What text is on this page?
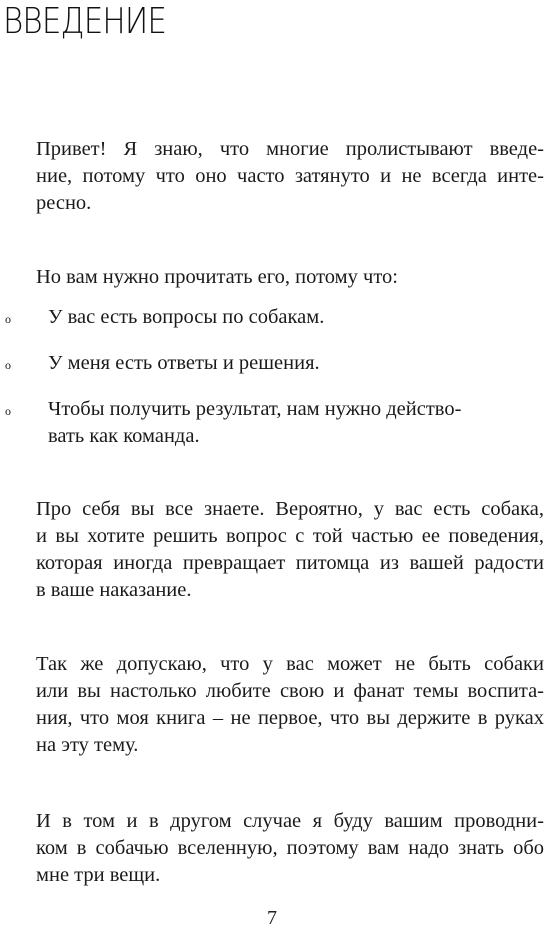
ВВЕДЕНИЕ

Привет! Я знаю, что многие пролистывают введе-
ние, потому что оно часто затянуто и не всегда инте-
ресно.

Но вам нужно прочитать его, потому что:

o У вас есть вопросы по собакам.
o У меня есть ответы и решения.
o Чтобы получить результат, нам нужно действо-
вать как команда.

Про себя вы все знаете. Вероятно, у вас есть собака,
и вы хотите решить вопрос с той частью ее поведения,
которая иногда превращает питомца из вашей радости
в ваше наказание.

Так же допускаю, что у вас может не быть собаки
или вы настолько любите свою и фанат темы воспита-
ния, что моя книга – не первое, что вы держите в руках
на эту тему.

И в том и в другом случае я буду вашим проводни-
ком в собачью вселенную, поэтому вам надо знать обо
мне три вещи.

7
